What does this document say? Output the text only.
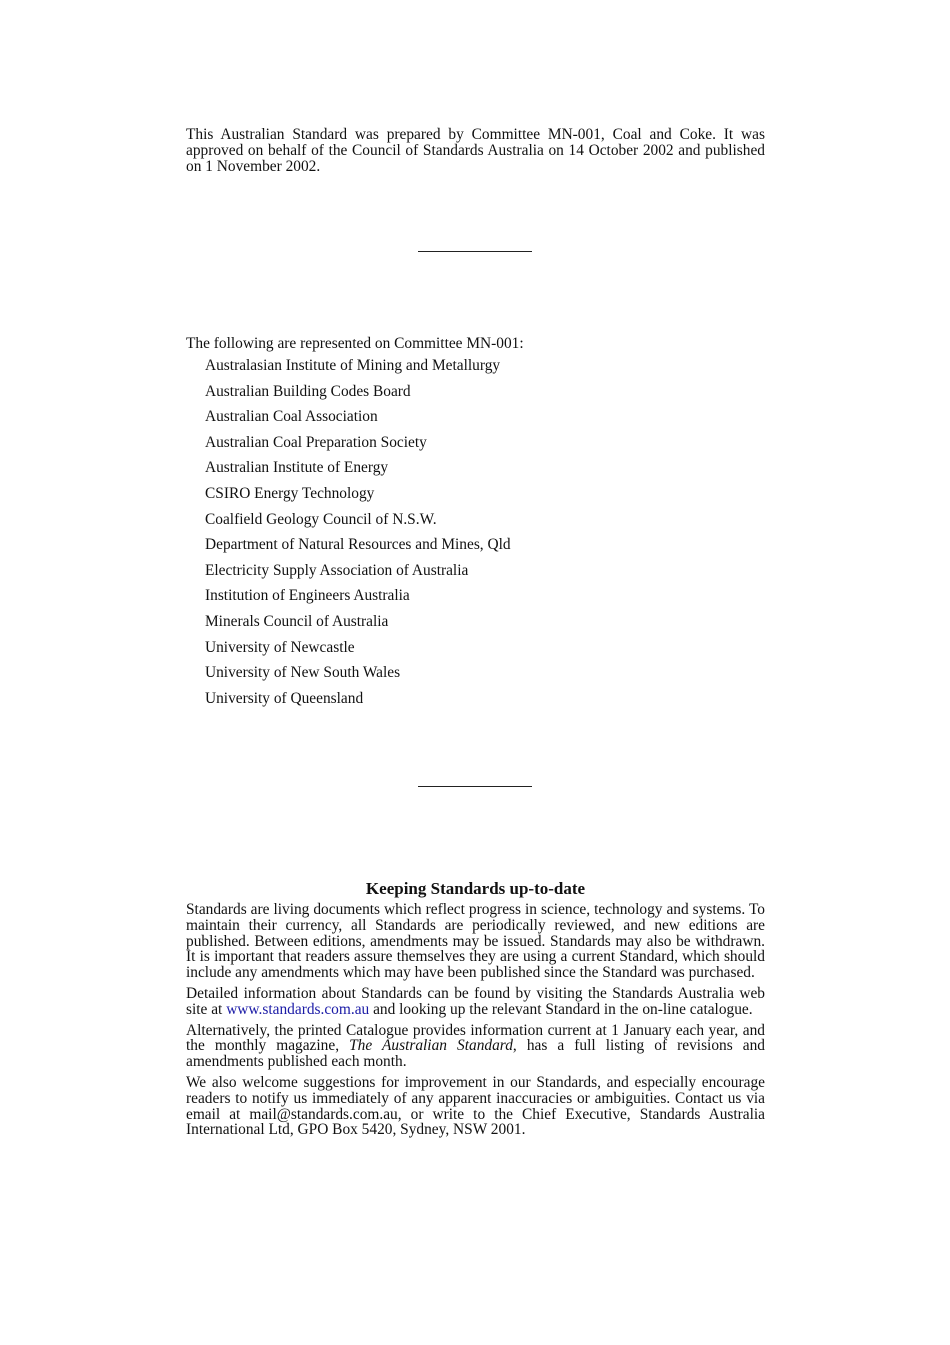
This Australian Standard was prepared by Committee MN-001, Coal and Coke. It was approved on behalf of the Council of Standards Australia on 14 October 2002 and published on 1 November 2002.

The following are represented on Committee MN-001:

Australasian Institute of Mining and Metallurgy
Australian Building Codes Board
Australian Coal Association
Australian Coal Preparation Society
Australian Institute of Energy
CSIRO Energy Technology
Coalfield Geology Council of N.S.W.
Department of Natural Resources and Mines, Qld
Electricity Supply Association of Australia
Institution of Engineers Australia
Minerals Council of Australia
University of Newcastle
University of New South Wales
University of Queensland
Keeping Standards up-to-date

Standards are living documents which reflect progress in science, technology and systems. To maintain their currency, all Standards are periodically reviewed, and new editions are published. Between editions, amendments may be issued. Standards may also be withdrawn. It is important that readers assure themselves they are using a current Standard, which should include any amendments which may have been published since the Standard was purchased.

Detailed information about Standards can be found by visiting the Standards Australia web site at www.standards.com.au and looking up the relevant Standard in the on-line catalogue.

Alternatively, the printed Catalogue provides information current at 1 January each year, and the monthly magazine, The Australian Standard, has a full listing of revisions and amendments published each month.

We also welcome suggestions for improvement in our Standards, and especially encourage readers to notify us immediately of any apparent inaccuracies or ambiguities. Contact us via email at mail@standards.com.au, or write to the Chief Executive, Standards Australia International Ltd, GPO Box 5420, Sydney, NSW 2001.
